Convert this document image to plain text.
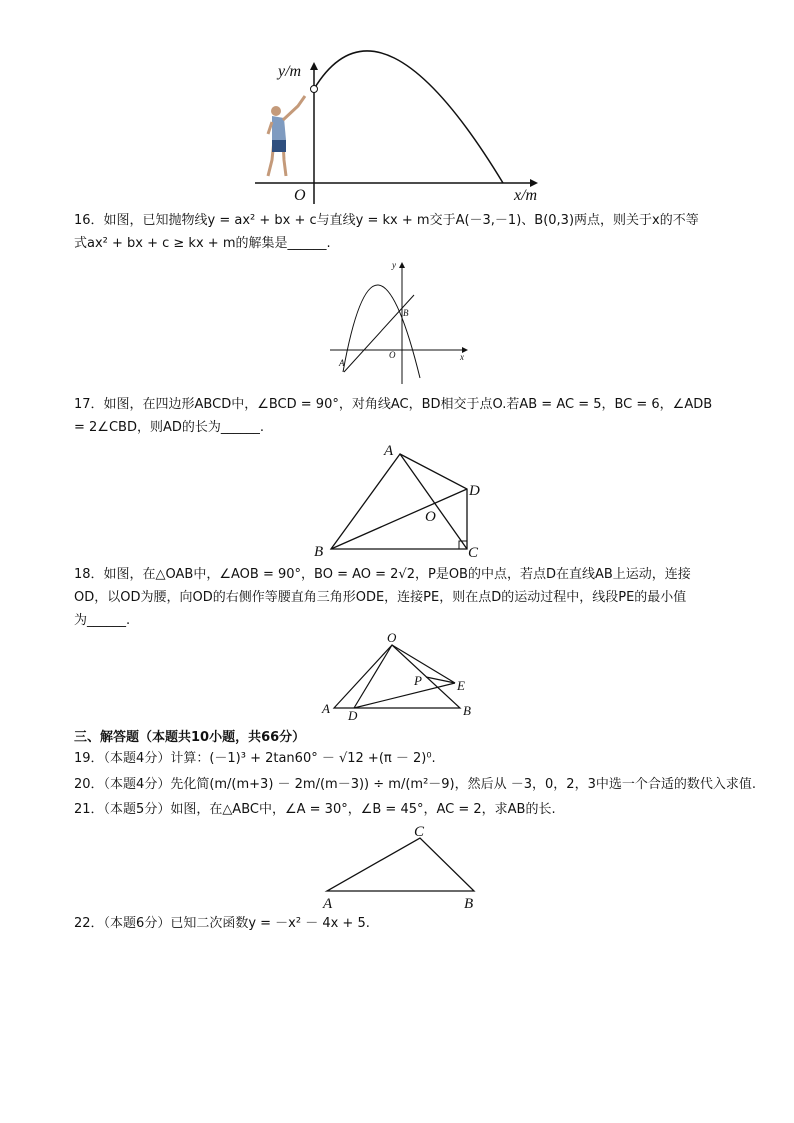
y/m
x/m
O
16．如图，已知抛物线y = ax² + bx + c与直线y = kx + m交于A(－3,－1)、B(0,3)两点，则关于x的不等
式ax² + bx + c ≥ kx + m的解集是______.
y
x
O
A
B
17．如图，在四边形ABCD中，∠BCD = 90°，对角线AC，BD相交于点O.若AB = AC = 5，BC = 6，∠ADB
= 2∠CBD，则AD的长为______.
A
B	C
D
O
18．如图，在△OAB中，∠AOB = 90°，BO = AO = 2√2，P是OB的中点，若点D在直线AB上运动，连接
OD，以OD为腰，向OD的右侧作等腰直角三角形ODE，连接PE，则在点D的运动过程中，线段PE的最小值
为______.
O
A	B
D
E
P
三、解答题（本题共10小题，共66分）
19．（本题4分）计算：(－1)³ + 2tan60° － √12 +(π － 2)⁰.
20．（本题4分）先化简(m/(m+3) － 2m/(m－3)) ÷ m/(m²－9)，然后从 －3，0，2，3中选一个合适的数代入求值.
21．（本题5分）如图，在△ABC中，∠A = 30°，∠B = 45°，AC = 2，求AB的长.
A	B
C
22．（本题6分）已知二次函数y = －x² － 4x + 5.
